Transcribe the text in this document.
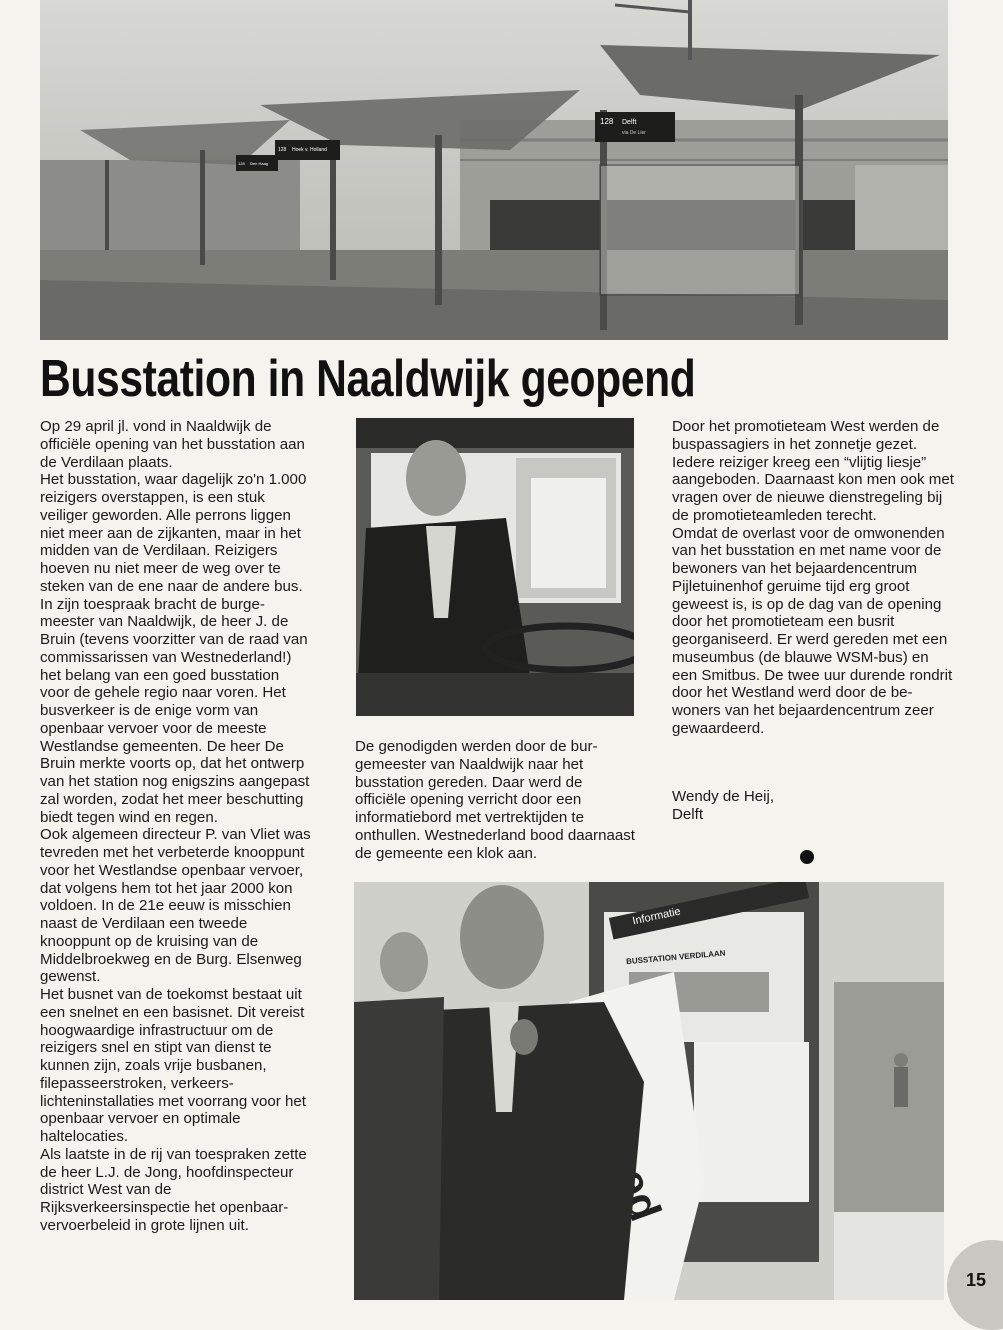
128 Delft
via De Lier
128 Hoek v. Holland
128 Den Haag
Busstation in Naaldwijk geopend

Op 29 april jl. vond in Naaldwijk de officiële opening van het busstation aan de Verdilaan plaats.

Het busstation, waar dagelijk zo'n 1.000 reizigers overstappen, is een stuk veiliger geworden. Alle perrons liggen niet meer aan de zijkanten, maar in het midden van de Verdilaan. Reizigers hoeven nu niet meer de weg over te steken van de ene naar de andere bus.

In zijn toespraak bracht de burgemeester van Naaldwijk, de heer J. de Bruin (tevens voorzitter van de raad van commissarissen van Westnederland!) het belang van een goed busstation voor de gehele regio naar voren. Het busverkeer is de enige vorm van openbaar vervoer voor de meeste Westlandse gemeenten. De heer De Bruin merkte voorts op, dat het ontwerp van het station nog enigszins aangepast zal worden, zodat het meer beschutting biedt tegen wind en regen.

Ook algemeen directeur P. van Vliet was tevreden met het verbeterde knooppunt voor het Westlandse openbaar vervoer, dat volgens hem tot het jaar 2000 kon voldoen. In de 21e eeuw is misschien naast de Verdilaan een tweede knooppunt op de kruising van de Middelbroekweg en de Burg. Elsenweg gewenst.

Het busnet van de toekomst bestaat uit een snelnet en een basisnet. Dit vereist hoogwaardige infrastructuur om de reizigers snel en stipt van dienst te kunnen zijn, zoals vrije busbanen, filepasseerstroken, verkeerslichteninstallaties met voorrang voor het openbaar vervoer en optimale haltelocaties.

Als laatste in de rij van toespraken zette de heer L.J. de Jong, hoofdinspecteur district West van de Rijksverkeersinspectie het openbaar-vervoerbeleid in grote lijnen uit.

De genodigden werden door de burgemeester van Naaldwijk naar het busstation gereden. Daar werd de officiële opening verricht door een informatiebord met vertrektijden te onthullen. Westnederland bood daarnaast de gemeente een klok aan.

Door het promotieteam West werden de buspassagiers in het zonnetje gezet. Iedere reiziger kreeg een “vlijtig liesje” aangeboden. Daarnaast kon men ook met vragen over de nieuwe dienstregeling bij de promotieteamleden terecht.

Omdat de overlast voor de omwonenden van het busstation en met name voor de bewoners van het bejaardencentrum Pijletuinenhof geruime tijd erg groot geweest is, is op de dag van de opening door het promotieteam een busrit georganiseerd. Er werd gereden met een museumbus (de blauwe WSM-bus) en een Smitbus. De twee uur durende rondrit door het Westland werd door de bewoners van het bejaardencentrum zeer gewaardeerd.

Wendy de Heij,

Delft

Informatie
BUSSTATION VERDILAAN
15
